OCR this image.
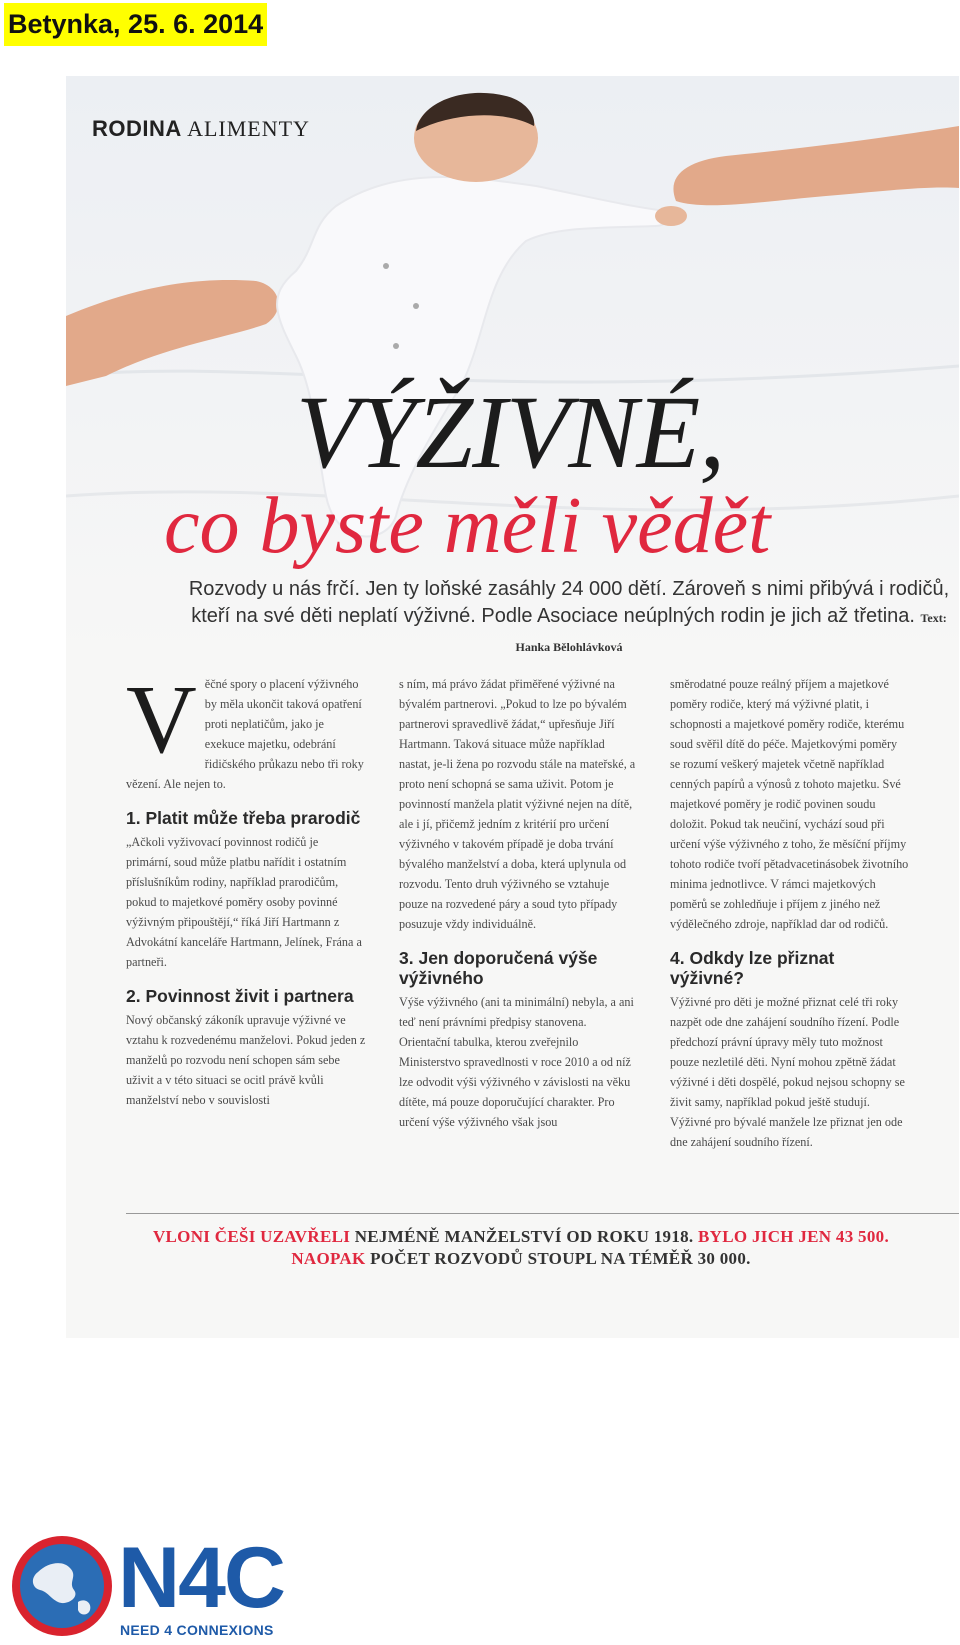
Betynka, 25. 6. 2014
RODINA ALIMENTY
VÝŽIVNÉ,
co byste měli vědět
Rozvody u nás frčí. Jen ty loňské zasáhly 24 000 dětí. Zároveň s nimi přibývá i rodičů, kteří na své děti neplatí výživné. Podle Asociace neúplných rodin je jich až třetina. Text: Hanka Bělohlávková

Věčné spory o placení výživného by měla ukončit taková opatření proti neplatičům, jako je exekuce majetku, odebrání řidičského průkazu nebo tři roky vězení. Ale nejen to.

1. Platit může třeba prarodič

„Ačkoli vyživovací povinnost rodičů je primární, soud může platbu nařídit i ostatním příslušníkům rodiny, například prarodičům, pokud to majetkové poměry osoby povinné výživným připouštějí,“ říká Jiří Hartmann z Advokátní kanceláře Hartmann, Jelínek, Frána a partneři.

2. Povinnost živit i partnera

Nový občanský zákoník upravuje výživné ve vztahu k rozvedenému manželovi. Pokud jeden z manželů po rozvodu není schopen sám sebe uživit a v této situaci se ocitl právě kvůli manželství nebo v souvislosti

s ním, má právo žádat přiměřené výživné na bývalém partnerovi. „Pokud to lze po bývalém partnerovi spravedlivě žádat,“ upřesňuje Jiří Hartmann. Taková situace může například nastat, je-li žena po rozvodu stále na mateřské, a proto není schopná se sama uživit. Potom je povinností manžela platit výživné nejen na dítě, ale i jí, přičemž jedním z kritérií pro určení výživného v takovém případě je doba trvání bývalého manželství a doba, která uplynula od rozvodu. Tento druh výživného se vztahuje pouze na rozvedené páry a soud tyto případy posuzuje vždy individuálně.

3. Jen doporučená výše výživného

Výše výživného (ani ta minimální) nebyla, a ani teď není právními předpisy stanovena. Orientační tabulka, kterou zveřejnilo Ministerstvo spravedlnosti v roce 2010 a od níž lze odvodit výši výživného v závislosti na věku dítěte, má pouze doporučující charakter. Pro určení výše výživného však jsou

směrodatné pouze reálný příjem a majetkové poměry rodiče, který má výživné platit, i schopnosti a majetkové poměry rodiče, kterému soud svěřil dítě do péče. Majetkovými poměry se rozumí veškerý majetek včetně například cenných papírů a výnosů z tohoto majetku. Své majetkové poměry je rodič povinen soudu doložit. Pokud tak neučiní, vychází soud při určení výše výživného z toho, že měsíční příjmy tohoto rodiče tvoří pětadvacetinásobek životního minima jednotlivce. V rámci majetkových poměrů se zohledňuje i příjem z jiného než výdělečného zdroje, například dar od rodičů.

4. Odkdy lze přiznat výživné?

Výživné pro děti je možné přiznat celé tři roky nazpět ode dne zahájení soudního řízení. Podle předchozí právní úpravy měly tuto možnost pouze nezletilé děti. Nyní mohou zpětně žádat výživné i děti dospělé, pokud nejsou schopny se živit samy, například pokud ještě studují. Výživné pro bývalé manžele lze přiznat jen ode dne zahájení soudního řízení.

VLONI ČEŠI UZAVŘELI NEJMÉNĚ MANŽELSTVÍ OD ROKU 1918. BYLO JICH JEN 43 500. NAOPAK POČET ROZVODŮ STOUPL NA TÉMĚŘ 30 000.
N4C
NEED 4 CONNEXIONS
